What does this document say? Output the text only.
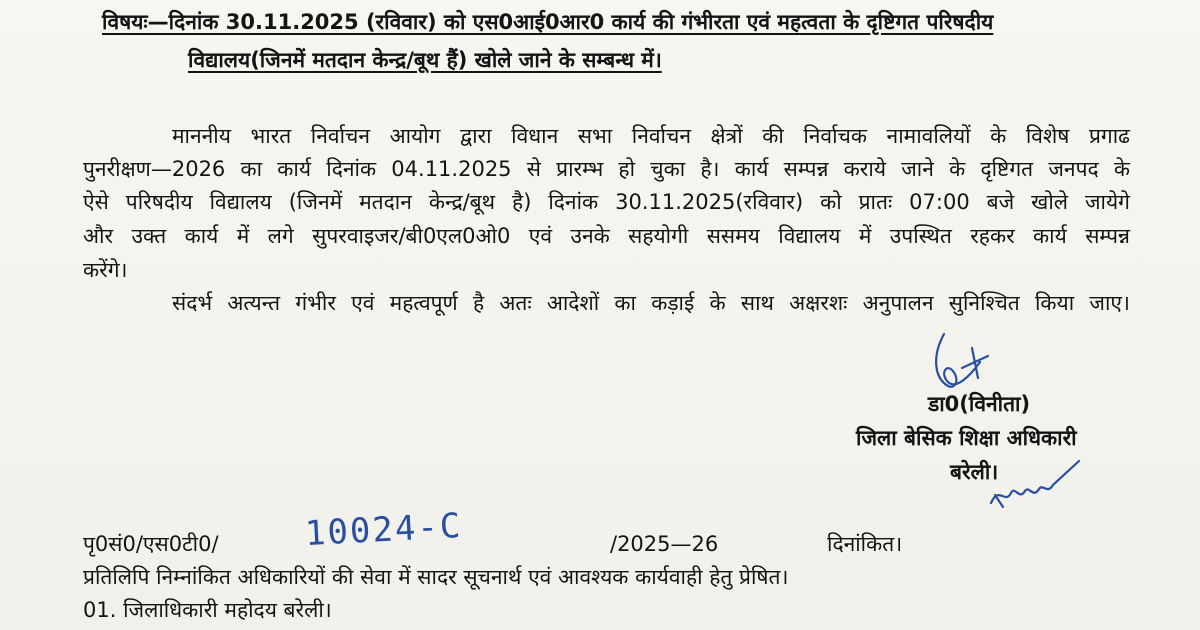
विषयः—दिनांक 30.11.2025 (रविवार) को एस0आई0आर0 कार्य की गंभीरता एवं महत्वता के दृष्टिगत परिषदीय
विद्यालय(जिनमें मतदान केन्द्र/बूथ हैं) खोले जाने के सम्बन्ध में।
माननीय भारत निर्वाचन आयोग द्वारा विधान सभा निर्वाचन क्षेत्रों की निर्वाचक नामावलियों के विशेष प्रगाढ
पुनरीक्षण—2026 का कार्य दिनांक 04.11.2025 से प्रारम्भ हो चुका है। कार्य सम्पन्न कराये जाने के दृष्टिगत जनपद के
ऐसे परिषदीय विद्यालय (जिनमें मतदान केन्द्र/बूथ है) दिनांक 30.11.2025(रविवार) को प्रातः 07:00 बजे खोले जायेगे
और उक्त कार्य में लगे सुपरवाइजर/बी0एल0ओ0 एवं उनके सहयोगी ससमय विद्यालय में उपस्थित रहकर कार्य सम्पन्न
करेंगे।
संदर्भ अत्यन्त गंभीर एवं महत्वपूर्ण है अतः आदेशों का कड़ाई के साथ अक्षरशः अनुपालन सुनिश्चित किया जाए।
डा0(विनीता)
जिला बेसिक शिक्षा अधिकारी
बरेली।
पृ0सं0/एस0टी0/	10024-C	/2025—26	दिनांकित।
प्रतिलिपि निम्नांकित अधिकारियों की सेवा में सादर सूचनार्थ एवं आवश्यक कार्यवाही हेतु प्रेषित।
01. जिलाधिकारी महोदय बरेली।
